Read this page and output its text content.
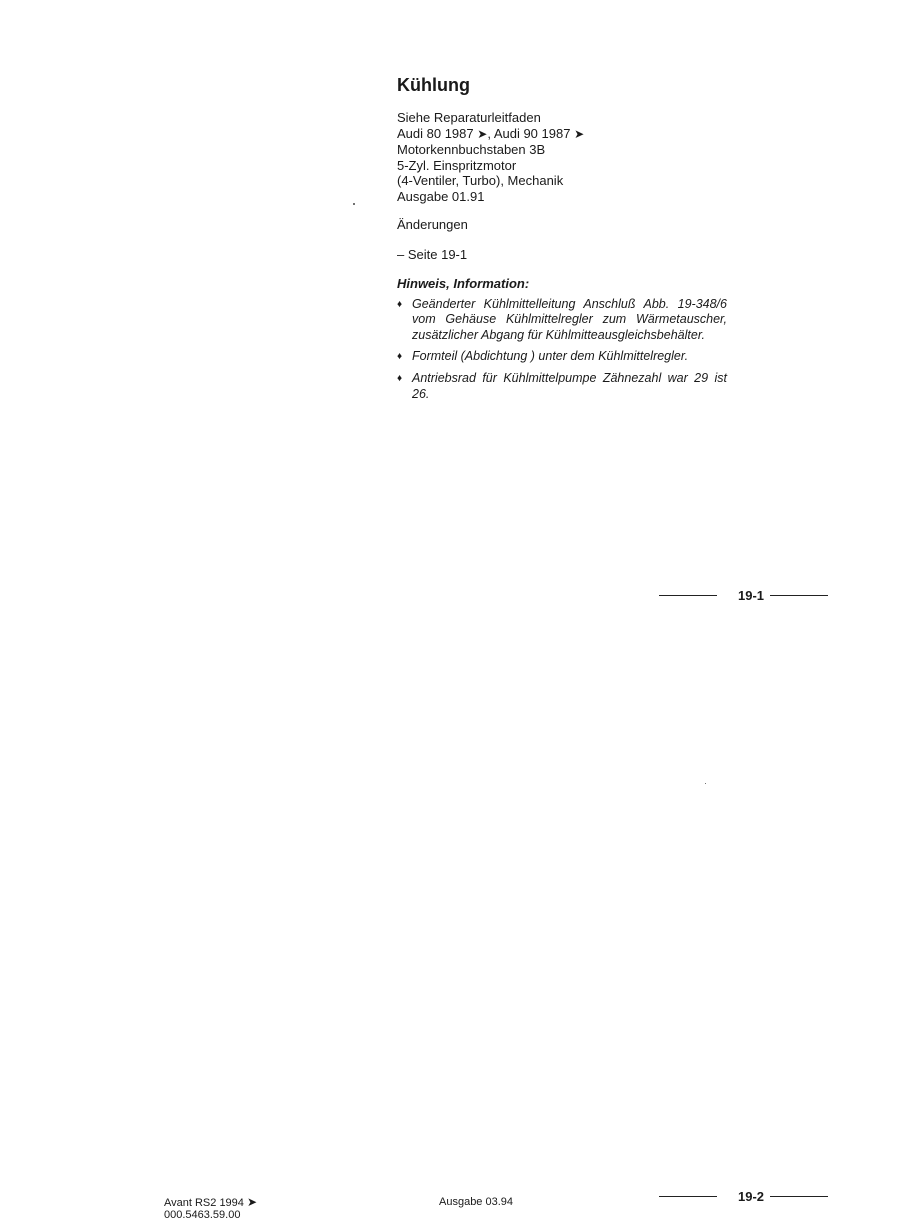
Kühlung

Siehe Reparaturleitfaden

Audi 80 1987 ➤, Audi 90 1987 ➤

Motorkennbuchstaben 3B

5-Zyl. Einspritzmotor

(4-Ventiler, Turbo), Mechanik

Ausgabe 01.91

Änderungen

– Seite 19-1

Hinweis, Information:

♦ Geänderter Kühlmittelleitung Anschluß Abb. 19-348/6 vom Gehäuse Kühlmittelregler zum Wärmetauscher, zusätzlicher Abgang für Kühlmitteausgleichsbehälter.
♦ Formteil (Abdichtung ) unter dem Kühlmittelregler.
♦ Antriebsrad für Kühlmittelpumpe Zähnezahl war 29 ist 26.
19-1
19-2
Avant RS2 1994 ➤
000.5463.59.00
Ausgabe 03.94
